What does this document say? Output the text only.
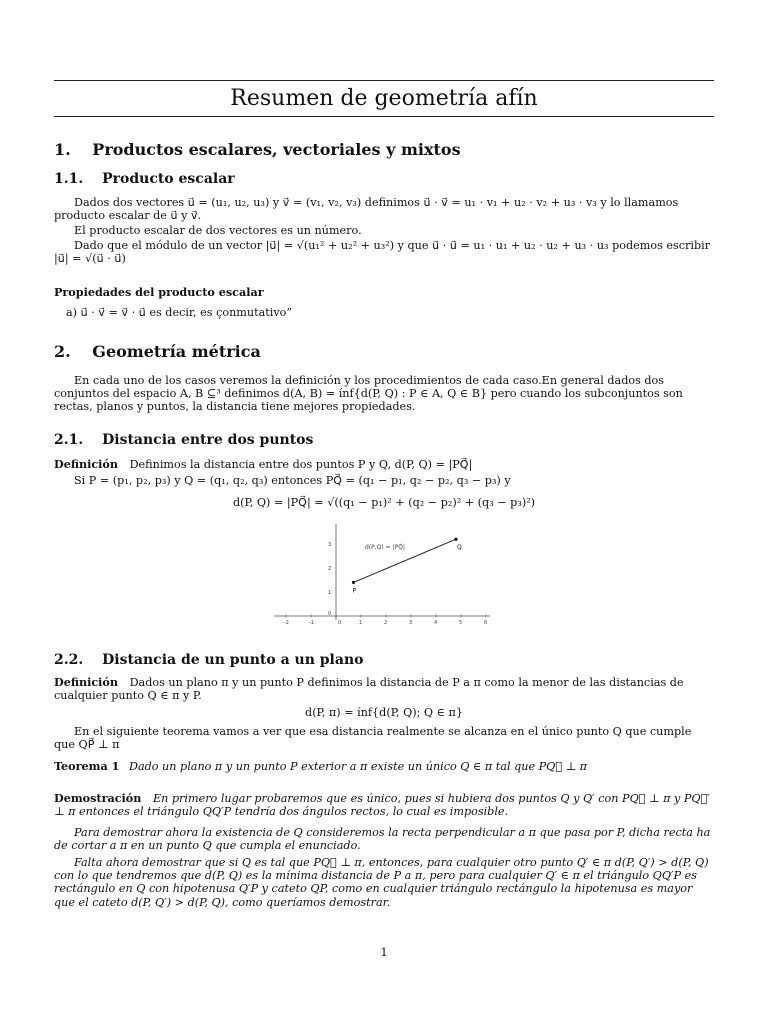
Resumen de geometría afín
1. Productos escalares, vectoriales y mixtos
1.1. Producto escalar
Dados dos vectores u⃗ = (u₁, u₂, u₃) y v⃗ = (v₁, v₂, v₃) definimos u⃗ · v⃗ = u₁ · v₁ + u₂ · v₂ + u₃ · v₃ y lo llamamos producto escalar de u⃗ y v⃗.
El producto escalar de dos vectores es un número.
Dado que el módulo de un vector |u⃗| = √(u₁² + u₂² + u₃²) y que u⃗ · u⃗ = u₁ · u₁ + u₂ · u₂ + u₃ · u₃ podemos escribir |u⃗| = √(u⃗ · u⃗)
Propiedades del producto escalar
a) u⃗ · v⃗ = v⃗ · u⃗ es decir, es çonmutativo”
2. Geometría métrica
En cada uno de los casos veremos la definición y los procedimientos de cada caso.En general dados dos conjuntos del espacio A, B ⊆³ definimos d(A, B) = ínf{d(P, Q) : P ∈ A, Q ∈ B} pero cuando los subconjuntos son rectas, planos y puntos, la distancia tiene mejores propiedades.
2.1. Distancia entre dos puntos
Definición Definimos la distancia entre dos puntos P y Q, d(P, Q) = |PQ⃗|
Si P = (p₁, p₂, p₃) y Q = (q₁, q₂, q₃) entonces PQ⃗ = (q₁ − p₁, q₂ − p₂, q₃ − p₃) y
d(P, Q) = |PQ⃗| = √((q₁ − p₁)² + (q₂ − p₂)² + (q₃ − p₃)²)
-2	-1	0	1	2	3	4	5	6
0
1
2
3
P
Q
d(P,Q) = |PQ⃗|
2.2. Distancia de un punto a un plano
Definición Dados un plano π y un punto P definimos la distancia de P a π como la menor de las distancias de cualquier punto Q ∈ π y P.
d(P, π) = ínf{d(P, Q); Q ∈ π}
En el siguiente teorema vamos a ver que esa distancia realmente se alcanza en el único punto Q que cumple que QP⃗ ⊥ π
Teorema 1 Dado un plano π y un punto P exterior a π existe un único Q ∈ π tal que PQ⃗ ⊥ π
Demostración En primero lugar probaremos que es único, pues si hubiera dos puntos Q y Q′ con PQ⃗ ⊥ π y PQ⃗′ ⊥ π entonces el triángulo QQ′P tendría dos ángulos rectos, lo cual es imposible.
Para demostrar ahora la existencia de Q consideremos la recta perpendicular a π que pasa por P, dicha recta ha de cortar a π en un punto Q que cumpla el enunciado.
Falta ahora demostrar que si Q es tal que PQ⃗ ⊥ π, entonces, para cualquier otro punto Q′ ∈ π d(P, Q′) > d(P, Q) con lo que tendremos que d(P, Q) es la mínima distancia de P a π, pero para cualquier Q′ ∈ π el triángulo QQ′P es rectángulo en Q con hipotenusa Q′P y cateto QP, como en cualquier triángulo rectángulo la hipotenusa es mayor que el cateto d(P, Q′) > d(P, Q), como queríamos demostrar.
1
